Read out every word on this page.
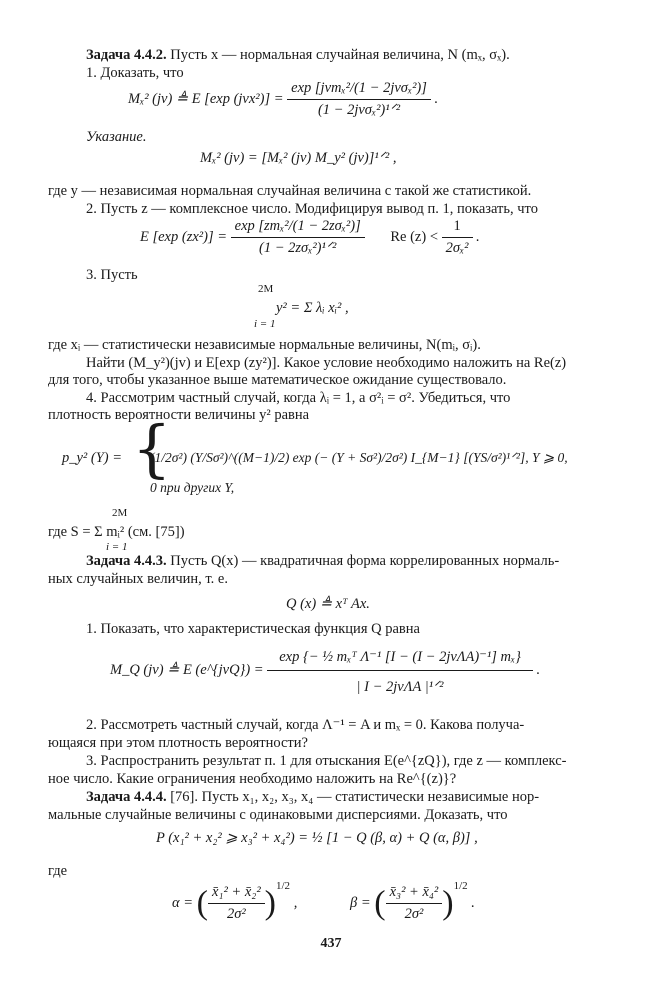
Задача 4.4.2. Пусть x — нормальная случайная величина, N (mₓ, σₓ).
1. Доказать, что
Mₓ² (jv) ≜ E [exp $(jvx^2)] = \frac{\text{exp [jvmₓ²/(1 − 2jvσₓ²)]}}{\text{(1 − 2jvσₓ²)¹ᐟ²}}$ .
Указание.
Mₓ² (jv) = [Mₓ² (jv) M_y² (jv)]¹ᐟ² ,
где y — независимая нормальная случайная величина с такой же статистикой.
2. Пусть z — комплексное число. Модифицируя вывод п. 1, показать, что
E [exp $(zx^2)] = \frac{\text{exp [zmₓ²/(1 − 2zσₓ²)]}}{\text{(1 − 2zσₓ²)¹ᐟ²}}$ Re $(z) < \frac{1}{\text{2σₓ²}}$ .
3. Пусть
2M
y² = Σ λᵢ xᵢ² ,
i = 1
где xᵢ — статистически независимые нормальные величины, N(mᵢ, σᵢ).
Найти (M_y²)(jv) и E[exp (zy²)]. Какое условие необходимо наложить на Re(z)
для того, чтобы указанное выше математическое ожидание существовало.
4. Рассмотрим частный случай, когда λᵢ = 1, а σ²ᵢ = σ². Убедиться, что
плотность вероятности величины y² равна
p_y² (Y) = {
(1/2σ²) (Y/Sσ²)^((M−1)/2) exp (− (Y + Sσ²)/2σ²) I_{M−1} [(YS/σ²)¹ᐟ²], Y ⩾ 0,
0 при других Y,
2M
где S = Σ mᵢ² (см. [75])
i = 1
Задача 4.4.3. Пусть Q(x) — квадратичная форма коррелированных нормаль-
ных случайных величин, т. е.
Q (x) ≜ xᵀ Ax.
1. Показать, что характеристическая функция Q равна
M_Q (jv) ≜ E (e^{jvQ}) = $\frac{\text{exp \{− ½ mₓᵀ Λ⁻¹ [I − (I − 2jvΛA)⁻¹] mₓ\}}}{\text{| I − 2jvΛA |¹ᐟ²}}$ .
2. Рассмотреть частный случай, когда Λ⁻¹ = A и mₓ = 0. Какова получа-
ющаяся при этом плотность вероятности?
3. Распространить результат п. 1 для отыскания E(e^{zQ}), где z — комплекс-
ное число. Какие ограничения необходимо наложить на Re^{(z)}?
Задача 4.4.4. [76]. Пусть x₁, x₂, x₃, x₄ — статистически независимые нор-
мальные случайные величины с одинаковыми дисперсиями. Доказать, что
P (x₁² + x₂² ⩾ x₃² + x₄²) = ½ [1 − Q (β, α) + Q (α, β)] ,
где
α = ( $\frac{\text{x̄₁² + x̄₂²}}{\text{2σ²}} )^{1/2}$ ,	β = ( $\frac{\text{x̄₃² + x̄₄²}}{\text{2σ²}} )^{1/2}$ .
437
